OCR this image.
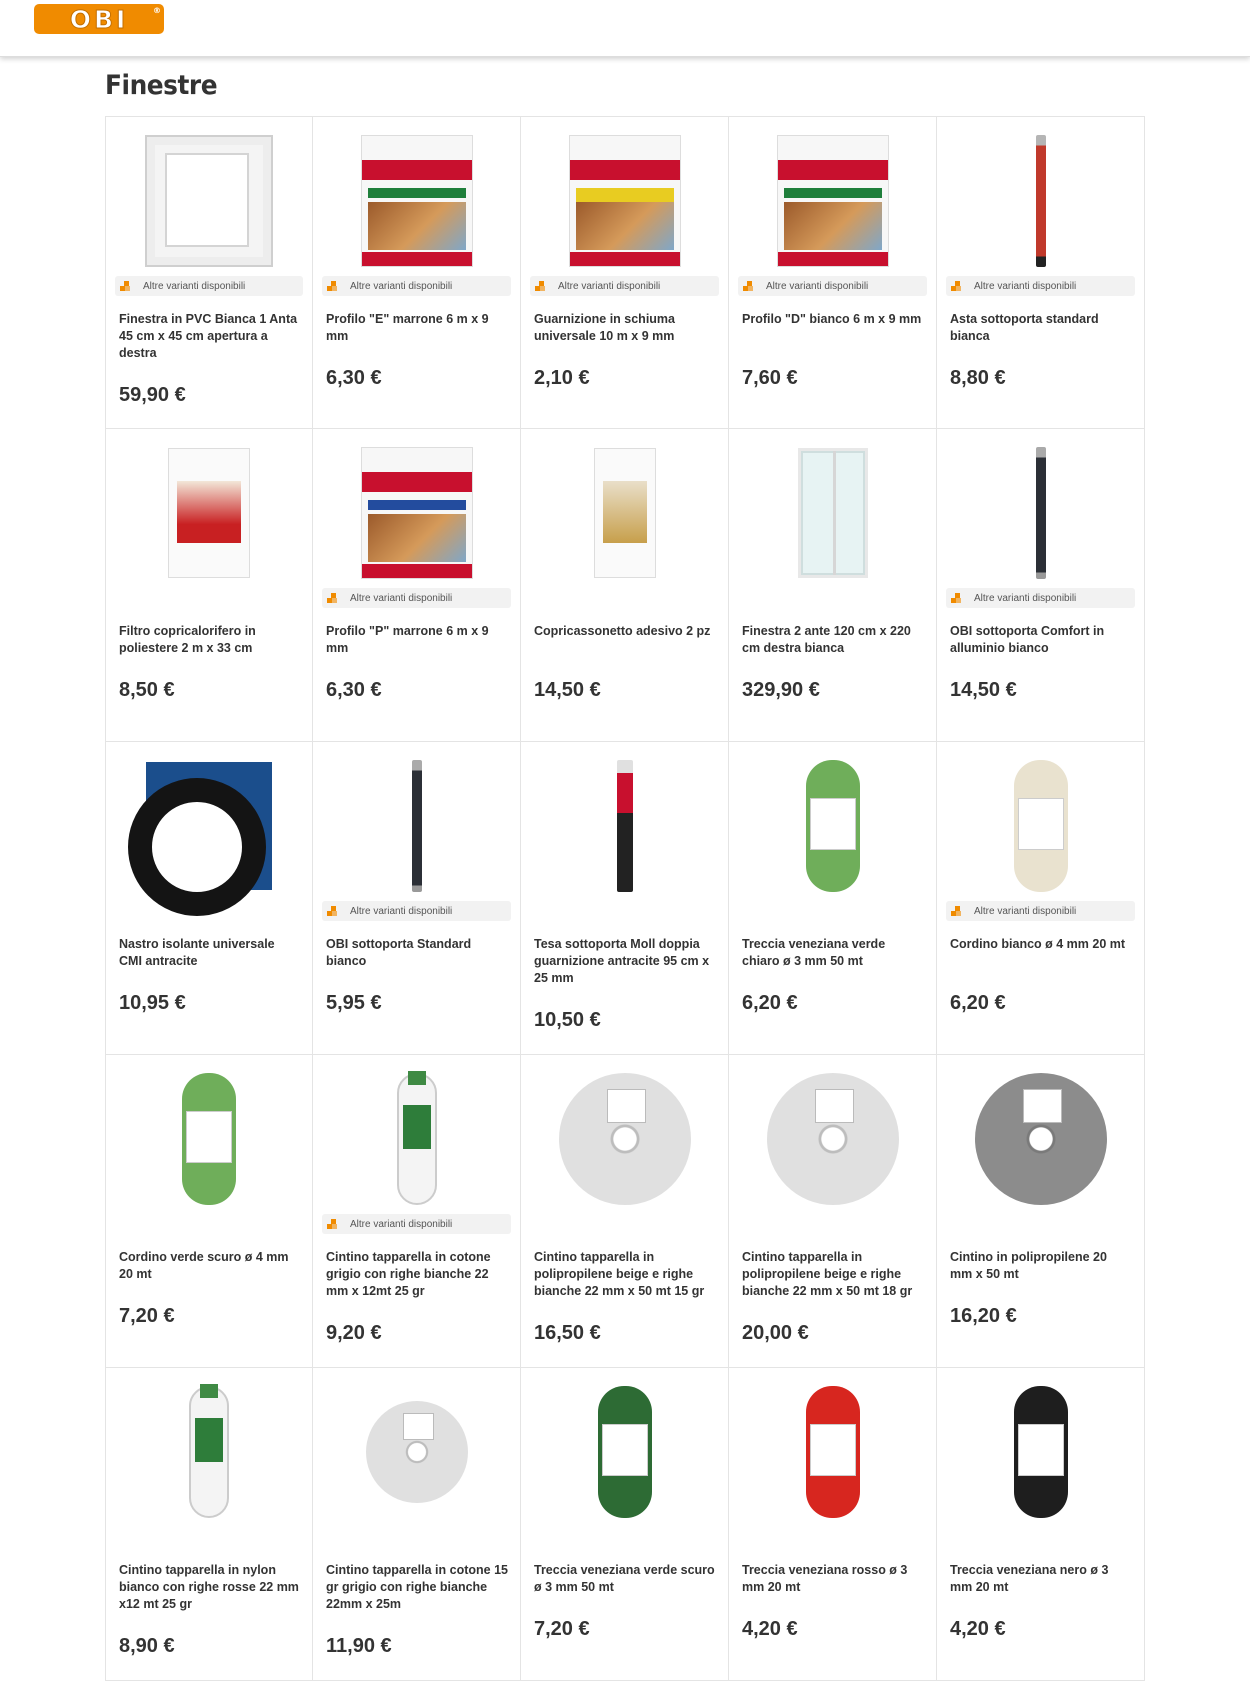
OBI	®
Finestre
Altre varianti disponibili
Finestra in PVC Bianca 1 Anta 45 cm x 45 cm apertura a destra
59,90 €
Altre varianti disponibili
Profilo "E" marrone 6 m x 9 mm
6,30 €
Altre varianti disponibili
Guarnizione in schiuma universale 10 m x 9 mm
2,10 €
Altre varianti disponibili
Profilo "D" bianco 6 m x 9 mm
7,60 €
Altre varianti disponibili
Asta sottoporta standard bianca
8,80 €
Filtro copricalorifero in poliestere 2 m x 33 cm
8,50 €
Altre varianti disponibili
Profilo "P" marrone 6 m x 9 mm
6,30 €
Copricassonetto adesivo 2 pz
14,50 €
Finestra 2 ante 120 cm x 220 cm destra bianca
329,90 €
Altre varianti disponibili
OBI sottoporta Comfort in alluminio bianco
14,50 €
Nastro isolante universale CMI antracite
10,95 €
Altre varianti disponibili
OBI sottoporta Standard bianco
5,95 €
Tesa sottoporta Moll doppia guarnizione antracite 95 cm x 25 mm
10,50 €
Treccia veneziana verde chiaro ø 3 mm 50 mt
6,20 €
Altre varianti disponibili
Cordino bianco ø 4 mm 20 mt
6,20 €
Cordino verde scuro ø 4 mm 20 mt
7,20 €
Altre varianti disponibili
Cintino tapparella in cotone grigio con righe bianche 22 mm x 12mt 25 gr
9,20 €
Cintino tapparella in polipropilene beige e righe bianche 22 mm x 50 mt 15 gr
16,50 €
Cintino tapparella in polipropilene beige e righe bianche 22 mm x 50 mt 18 gr
20,00 €
Cintino in polipropilene 20 mm x 50 mt
16,20 €
Cintino tapparella in nylon bianco con righe rosse 22 mm x12 mt 25 gr
8,90 €
Cintino tapparella in cotone 15 gr grigio con righe bianche 22mm x 25m
11,90 €
Treccia veneziana verde scuro ø 3 mm 50 mt
7,20 €
Treccia veneziana rosso ø 3 mm 20 mt
4,20 €
Treccia veneziana nero ø 3 mm 20 mt
4,20 €
